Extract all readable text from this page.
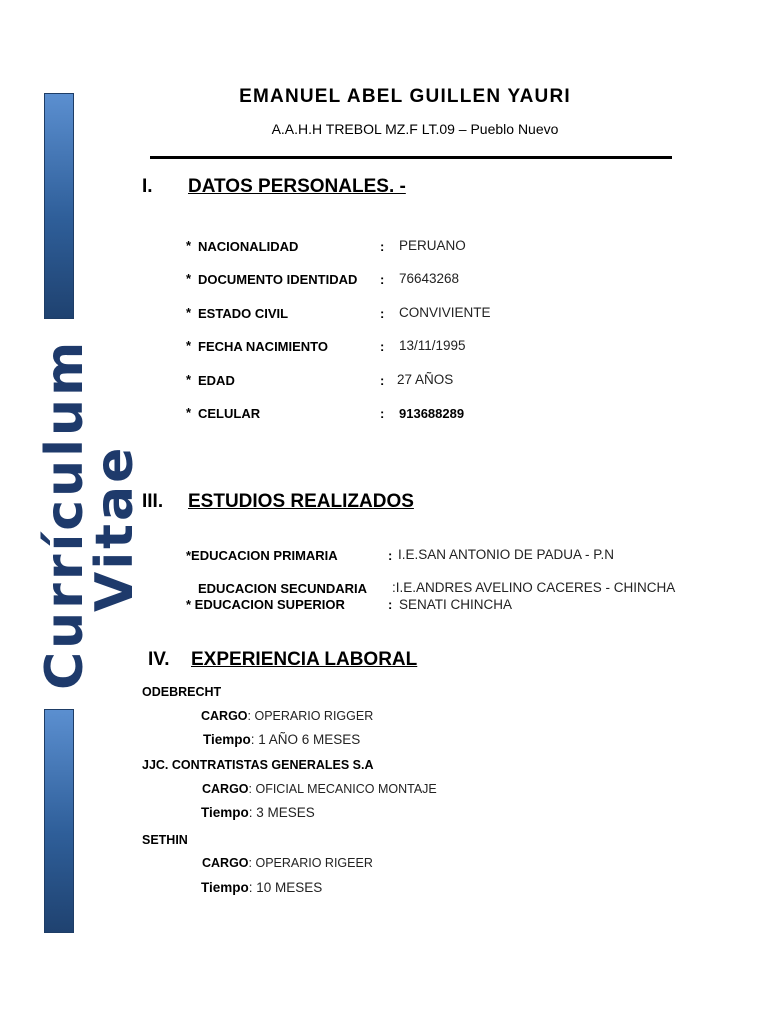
Currículum
Vitae
EMANUEL ABEL GUILLEN YAURI
A.A.H.H TREBOL MZ.F LT.09 – Pueblo Nuevo
I. DATOS PERSONALES. -
* NACIONALIDAD	: PERUANO
* DOCUMENTO IDENTIDAD : 76643268
* ESTADO CIVIL	: CONVIVIENTE
* FECHA NACIMIENTO	: 13/11/1995
* EDAD	: 27 AÑOS
* CELULAR	: 913688289
III. ESTUDIOS REALIZADOS
*EDUCACION PRIMARIA	: I.E.SAN ANTONIO DE PADUA - P.N
EDUCACION SECUNDARIA :I.E.ANDRES AVELINO CACERES - CHINCHA
* EDUCACION SUPERIOR	: SENATI CHINCHA
IV. EXPERIENCIA LABORAL
ODEBRECHT
CARGO: OPERARIO RIGGER
Tiempo: 1 AÑO 6 MESES
JJC. CONTRATISTAS GENERALES S.A
CARGO: OFICIAL MECANICO MONTAJE
Tiempo: 3 MESES
SETHIN
CARGO: OPERARIO RIGEER
Tiempo: 10 MESES
